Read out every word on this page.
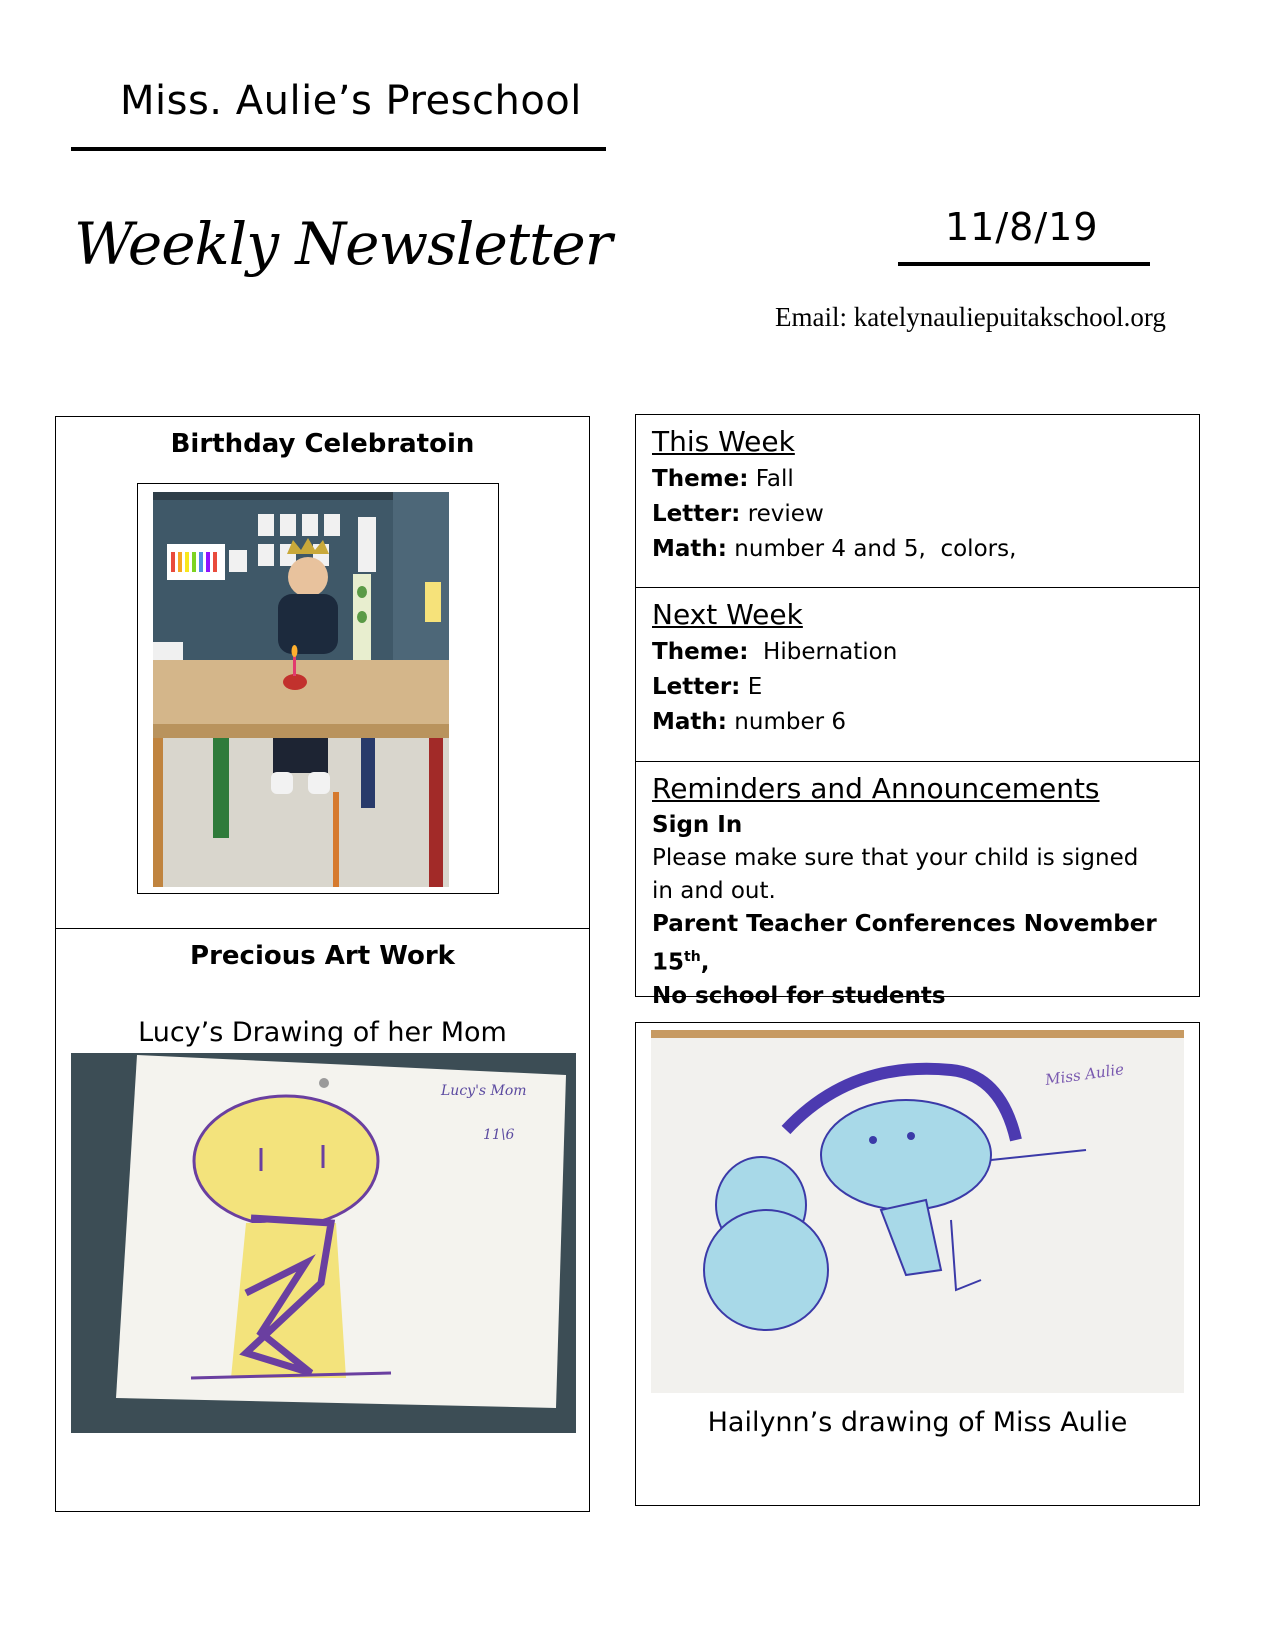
Miss. Aulie’s Preschool
Weekly Newsletter	11/8/19
Email: katelynauliepuitakschool.org
Birthday Celebratoin
Precious Art Work
Lucy’s Drawing of her Mom
Lucy's Mom
11\6
This Week
Theme: Fall
Letter: review
Math: number 4 and 5,  colors,
Next Week
Theme:  Hibernation
Letter: E
Math: number 6
Reminders and Announcements
Sign In
Please make sure that your child is signed in and out.
Parent Teacher Conferences November 15th,
No school for students
Miss Aulie
Hailynn’s drawing of Miss Aulie
